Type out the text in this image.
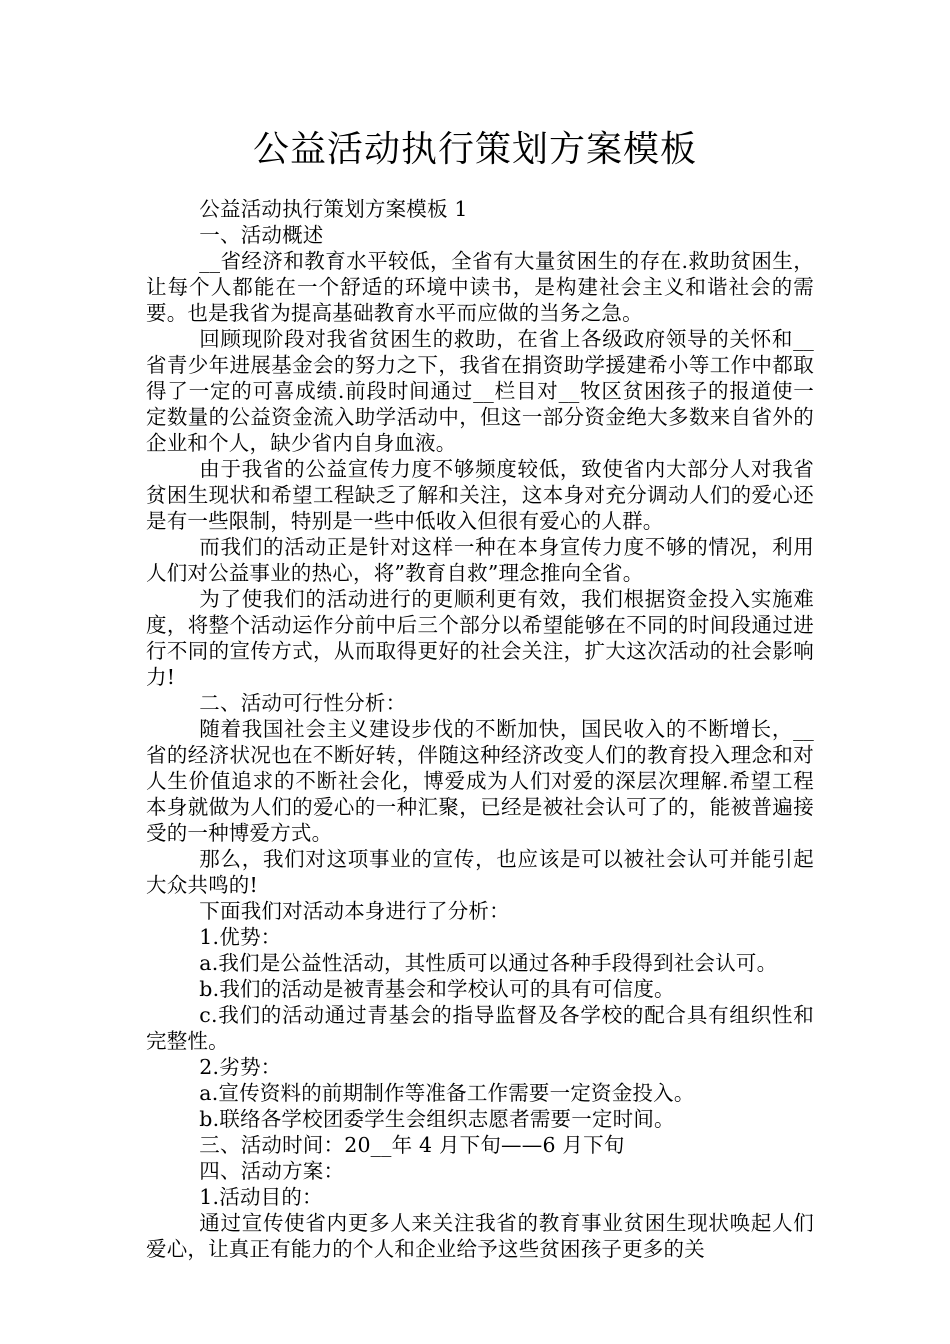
公益活动执行策划方案模板

公益活动执行策划方案模板 1

一、活动概述

__省经济和教育水平较低，全省有大量贫困生的存在.救助贫困生，让每个人都能在一个舒适的环境中读书，是构建社会主义和谐社会的需要。也是我省为提高基础教育水平而应做的当务之急。

回顾现阶段对我省贫困生的救助，在省上各级政府领导的关怀和__省青少年进展基金会的努力之下，我省在捐资助学援建希小等工作中都取得了一定的可喜成绩.前段时间通过__栏目对__牧区贫困孩子的报道使一定数量的公益资金流入助学活动中，但这一部分资金绝大多数来自省外的企业和个人，缺少省内自身血液。

由于我省的公益宣传力度不够频度较低，致使省内大部分人对我省贫困生现状和希望工程缺乏了解和关注，这本身对充分调动人们的爱心还是有一些限制，特别是一些中低收入但很有爱心的人群。

而我们的活动正是针对这样一种在本身宣传力度不够的情况，利用人们对公益事业的热心，将”教育自救”理念推向全省。

为了使我们的活动进行的更顺利更有效，我们根据资金投入实施难度，将整个活动运作分前中后三个部分以希望能够在不同的时间段通过进行不同的宣传方式，从而取得更好的社会关注，扩大这次活动的社会影响力!

二、活动可行性分析：

随着我国社会主义建设步伐的不断加快，国民收入的不断增长，__省的经济状况也在不断好转，伴随这种经济改变人们的教育投入理念和对人生价值追求的不断社会化，博爱成为人们对爱的深层次理解.希望工程本身就做为人们的爱心的一种汇聚，已经是被社会认可了的，能被普遍接受的一种博爱方式。

那么，我们对这项事业的宣传，也应该是可以被社会认可并能引起大众共鸣的!

下面我们对活动本身进行了分析：

1.优势：

a.我们是公益性活动，其性质可以通过各种手段得到社会认可。

b.我们的活动是被青基会和学校认可的具有可信度。

c.我们的活动通过青基会的指导监督及各学校的配合具有组织性和完整性。

2.劣势：

a.宣传资料的前期制作等准备工作需要一定资金投入。

b.联络各学校团委学生会组织志愿者需要一定时间。

三、活动时间：20__年 4 月下旬——6 月下旬

四、活动方案：

1.活动目的：

通过宣传使省内更多人来关注我省的教育事业贫困生现状唤起人们爱心，让真正有能力的个人和企业给予这些贫困孩子更多的关
